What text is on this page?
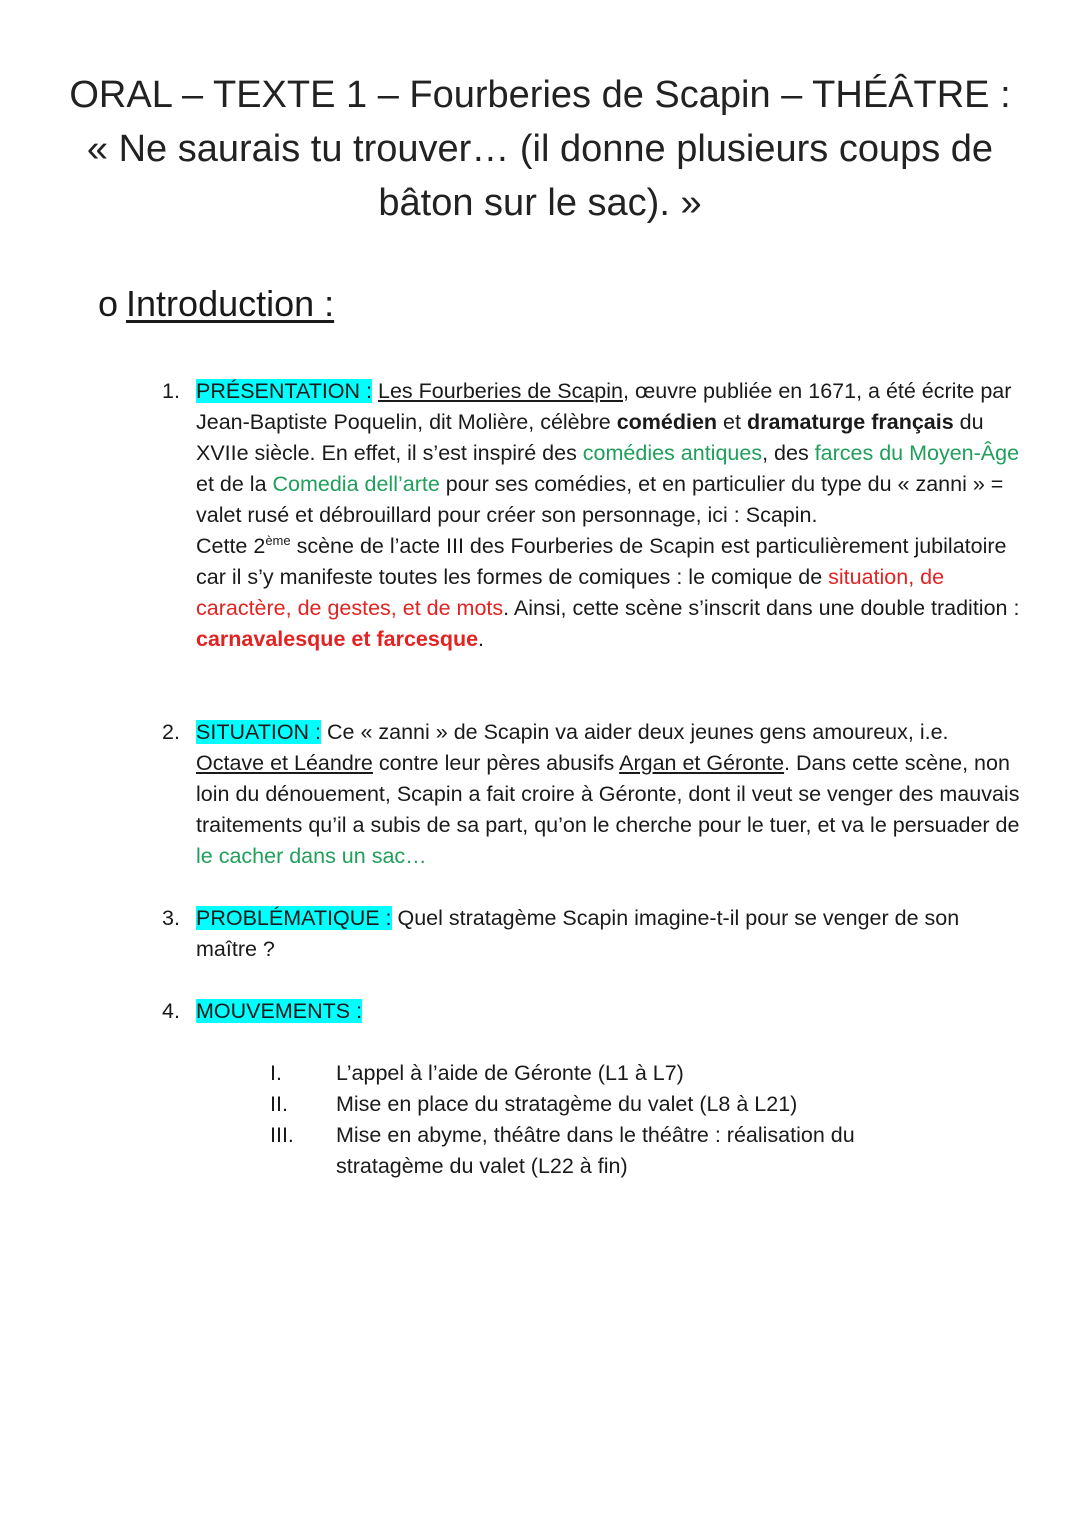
ORAL – TEXTE 1 – Fourberies de Scapin – THÉÂTRE :
« Ne saurais tu trouver… (il donne plusieurs coups de
bâton sur le sac). »
o Introduction :
1. PRÉSENTATION : Les Fourberies de Scapin, œuvre publiée en 1671, a été écrite par Jean-Baptiste Poquelin, dit Molière, célèbre comédien et dramaturge français du XVIIe siècle. En effet, il s’est inspiré des comédies antiques, des farces du Moyen-Âge et de la Comedia dell’arte pour ses comédies, et en particulier du type du « zanni » = valet rusé et débrouillard pour créer son personnage, ici : Scapin.
Cette 2ème scène de l’acte III des Fourberies de Scapin est particulièrement jubilatoire car il s’y manifeste toutes les formes de comiques : le comique de situation, de caractère, de gestes, et de mots. Ainsi, cette scène s’inscrit dans une double tradition : carnavalesque et farcesque.
2. SITUATION : Ce « zanni » de Scapin va aider deux jeunes gens amoureux, i.e. Octave et Léandre contre leur pères abusifs Argan et Géronte. Dans cette scène, non loin du dénouement, Scapin a fait croire à Géronte, dont il veut se venger des mauvais traitements qu’il a subis de sa part, qu’on le cherche pour le tuer, et va le persuader de le cacher dans un sac…
3. PROBLÉMATIQUE : Quel stratagème Scapin imagine-t-il pour se venger de son maître ?
4. MOUVEMENTS :
I.	L’appel à l’aide de Géronte (L1 à L7)
II.	Mise en place du stratagème du valet (L8 à L21)
III.	Mise en abyme, théâtre dans le théâtre : réalisation du stratagème du valet (L22 à fin)
